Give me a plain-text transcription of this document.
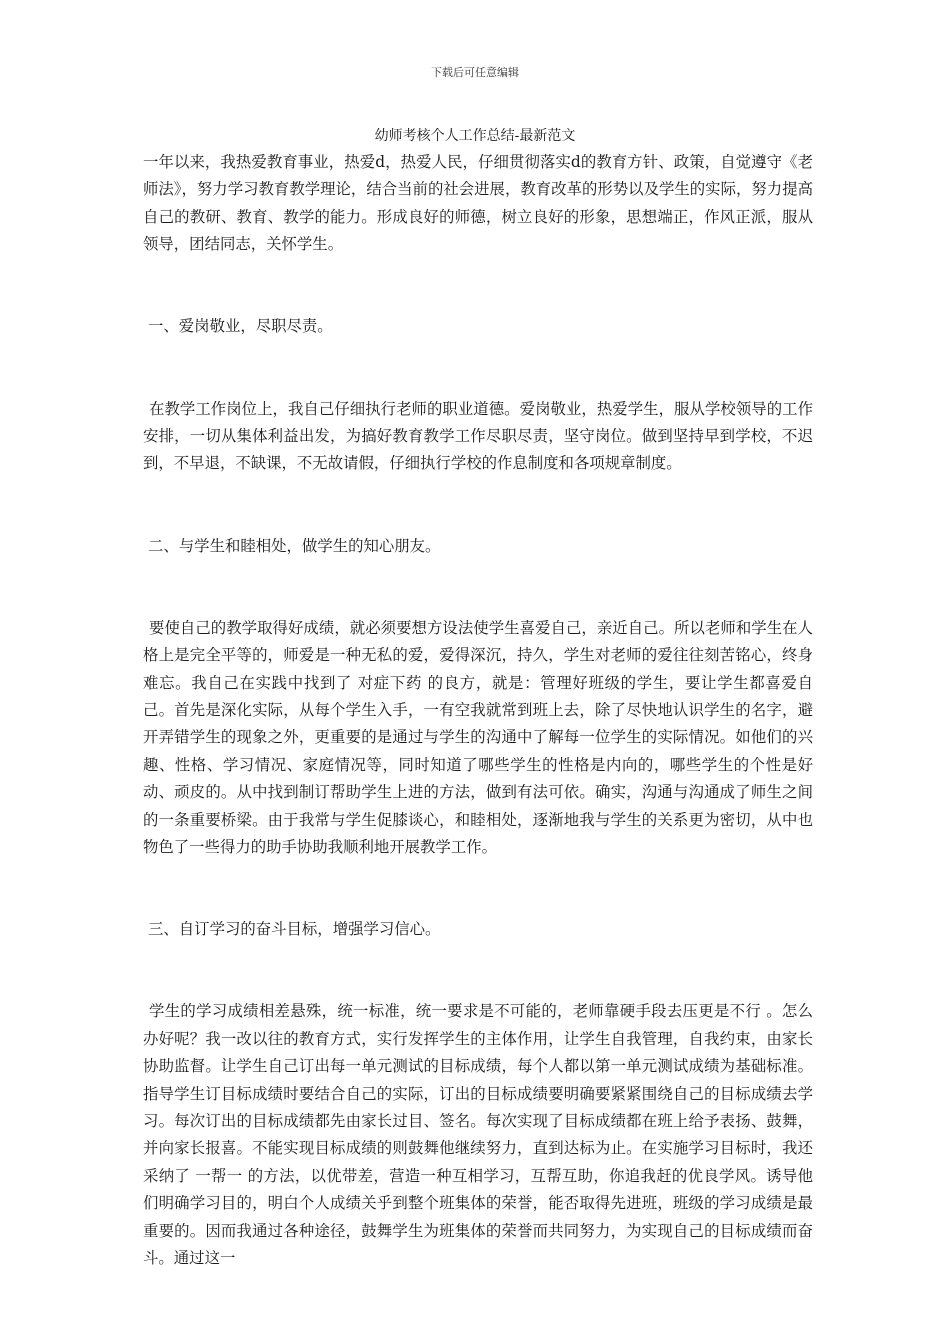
下载后可任意编辑
幼师考核个人工作总结-最新范文

一年以来，我热爱教育事业，热爱d，热爱人民，仔细贯彻落实d的教育方针、政策，自觉遵守《老师法》，努力学习教育教学理论，结合当前的社会进展，教育改革的形势以及学生的实际，努力提高自己的教研、教育、教学的能力。形成良好的师德，树立良好的形象，思想端正，作风正派，服从领导，团结同志，关怀学生。

一、爱岗敬业，尽职尽责。

在教学工作岗位上，我自己仔细执行老师的职业道德。爱岗敬业，热爱学生，服从学校领导的工作安排，一切从集体利益出发，为搞好教育教学工作尽职尽责，坚守岗位。做到坚持早到学校，不迟到，不早退，不缺课，不无故请假，仔细执行学校的作息制度和各项规章制度。

二、与学生和睦相处，做学生的知心朋友。

要使自己的教学取得好成绩，就必须要想方设法使学生喜爱自己，亲近自己。所以老师和学生在人格上是完全平等的，师爱是一种无私的爱，爱得深沉，持久，学生对老师的爱往往刻苦铭心，终身难忘。我自己在实践中找到了 对症下药 的良方，就是：管理好班级的学生，要让学生都喜爱自己。首先是深化实际，从每个学生入手，一有空我就常到班上去，除了尽快地认识学生的名字，避开弄错学生的现象之外，更重要的是通过与学生的沟通中了解每一位学生的实际情况。如他们的兴趣、性格、学习情况、家庭情况等，同时知道了哪些学生的性格是内向的，哪些学生的个性是好动、顽皮的。从中找到制订帮助学生上进的方法，做到有法可依。确实，沟通与沟通成了师生之间的一条重要桥梁。由于我常与学生促膝谈心，和睦相处，逐渐地我与学生的关系更为密切，从中也物色了一些得力的助手协助我顺利地开展教学工作。

三、自订学习的奋斗目标，增强学习信心。

学生的学习成绩相差悬殊，统一标准，统一要求是不可能的，老师靠硬手段去压更是不行 。怎么办好呢？我一改以往的教育方式，实行发挥学生的主体作用，让学生自我管理，自我约束，由家长协助监督。让学生自己订出每一单元测试的目标成绩，每个人都以第一单元测试成绩为基础标准。指导学生订目标成绩时要结合自己的实际，订出的目标成绩要明确要紧紧围绕自己的目标成绩去学习。每次订出的目标成绩都先由家长过目、签名。每次实现了目标成绩都在班上给予表扬、鼓舞，并向家长报喜。不能实现目标成绩的则鼓舞他继续努力，直到达标为止。在实施学习目标时，我还采纳了 一帮一 的方法，以优带差，营造一种互相学习，互帮互助，你追我赶的优良学风。诱导他们明确学习目的，明白个人成绩关乎到整个班集体的荣誉，能否取得先进班，班级的学习成绩是最重要的。因而我通过各种途径，鼓舞学生为班集体的荣誉而共同努力，为实现自己的目标成绩而奋斗。通过这一
